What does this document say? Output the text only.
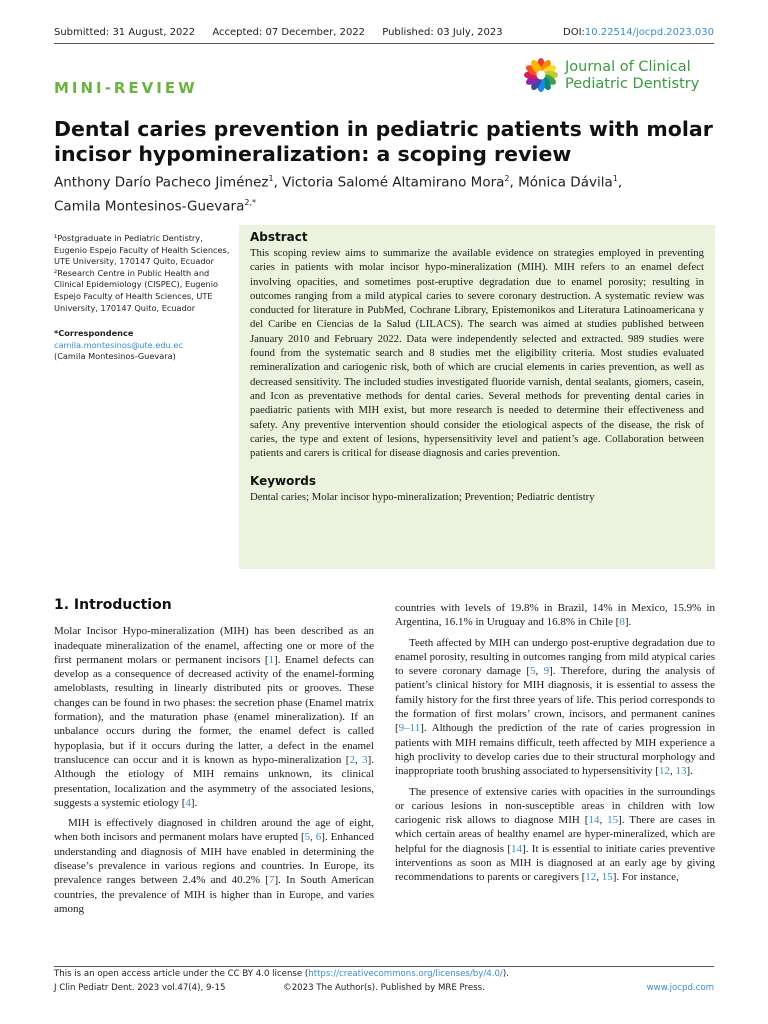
Submitted: 31 August, 2022 Accepted: 07 December, 2022 Published: 03 July, 2023	DOI:10.22514/jocpd.2023.030
MINI-REVIEW
Journal of Clinical
Pediatric Dentistry
Dental caries prevention in pediatric patients with molar incisor hypomineralization: a scoping review
Anthony Darío Pacheco Jiménez$^1$, Victoria Salomé Altamirano Mora$^2$, Mónica Dávila$^1$,
Camila Montesinos-Guevara$^{2,*}$

¹Postgraduate in Pediatric Dentistry, Eugenio Espejo Faculty of Health Sciences, UTE University, 170147 Quito, Ecuador

²Research Centre in Public Health and Clinical Epidemiology (CISPEC), Eugenio Espejo Faculty of Health Sciences, UTE University, 170147 Quito, Ecuador

*Correspondence

camila.montesinos@ute.edu.ec

(Camila Montesinos-Guevara)

Abstract

This scoping review aims to summarize the available evidence on strategies employed in preventing caries in patients with molar incisor hypo-mineralization (MIH). MIH refers to an enamel defect involving opacities, and sometimes post-eruptive degradation due to enamel porosity; resulting in outcomes ranging from a mild atypical caries to severe coronary destruction. A systematic review was conducted for literature in PubMed, Cochrane Library, Epistemonikos and Literatura Latinoamericana y del Caribe en Ciencias de la Salud (LILACS). The search was aimed at studies published between January 2010 and February 2022. Data were independently selected and extracted. 989 studies were found from the systematic search and 8 studies met the eligibility criteria. Most studies evaluated remineralization and cariogenic risk, both of which are crucial elements in caries prevention, as well as decreased sensitivity. The included studies investigated fluoride varnish, dental sealants, giomers, casein, and Icon as preventative methods for dental caries. Several methods for preventing dental caries in paediatric patients with MIH exist, but more research is needed to determine their effectiveness and safety. Any preventive intervention should consider the etiological aspects of the disease, the risk of caries, the type and extent of lesions, hypersensitivity level and patient’s age. Collaboration between patients and carers is critical for disease diagnosis and caries prevention.

Keywords

Dental caries; Molar incisor hypo-mineralization; Prevention; Pediatric dentistry

1. Introduction

Molar Incisor Hypo-mineralization (MIH) has been described as an inadequate mineralization of the enamel, affecting one or more of the first permanent molars or permanent incisors [1]. Enamel defects can develop as a consequence of decreased activity of the enamel-forming ameloblasts, resulting in linearly distributed pits or grooves. These changes can be found in two phases: the secretion phase (Enamel matrix formation), and the maturation phase (enamel mineralization). If an unbalance occurs during the former, the enamel defect is called hypoplasia, but if it occurs during the latter, a defect in the enamel translucence can occur and it is known as hypo-mineralization [2, 3]. Although the etiology of MIH remains unknown, its clinical presentation, localization and the asymmetry of the associated lesions, suggests a systemic etiology [4].

MIH is effectively diagnosed in children around the age of eight, when both incisors and permanent molars have erupted [5, 6]. Enhanced understanding and diagnosis of MIH have enabled in determining the disease’s prevalence in various regions and countries. In Europe, its prevalence ranges between 2.4% and 40.2% [7]. In South American countries, the prevalence of MIH is higher than in Europe, and varies among

countries with levels of 19.8% in Brazil, 14% in Mexico, 15.9% in Argentina, 16.1% in Uruguay and 16.8% in Chile [8].

Teeth affected by MIH can undergo post-eruptive degradation due to enamel porosity, resulting in outcomes ranging from mild atypical caries to severe coronary damage [5, 9]. Therefore, during the analysis of patient’s clinical history for MIH diagnosis, it is essential to assess the family history for the first three years of life. This period corresponds to the formation of first molars’ crown, incisors, and permanent canines [9–11]. Although the prediction of the rate of caries progression in patients with MIH remains difficult, teeth affected by MIH experience a high proclivity to develop caries due to their structural morphology and inappropriate tooth brushing associated to hypersensitivity [12, 13].

The presence of extensive caries with opacities in the surroundings or carious lesions in non-susceptible areas in children with low cariogenic risk allows to diagnose MIH [14, 15]. There are cases in which certain areas of healthy enamel are hyper-mineralized, which are helpful for the diagnosis [14]. It is essential to initiate caries preventive interventions as soon as MIH is diagnosed at an early age by giving recommendations to parents or caregivers [12, 15]. For instance,

This is an open access article under the CC BY 4.0 license (https://creativecommons.org/licenses/by/4.0/).
J Clin Pediatr Dent. 2023 vol.47(4), 9-15	©2023 The Author(s). Published by MRE Press.	www.jocpd.com
